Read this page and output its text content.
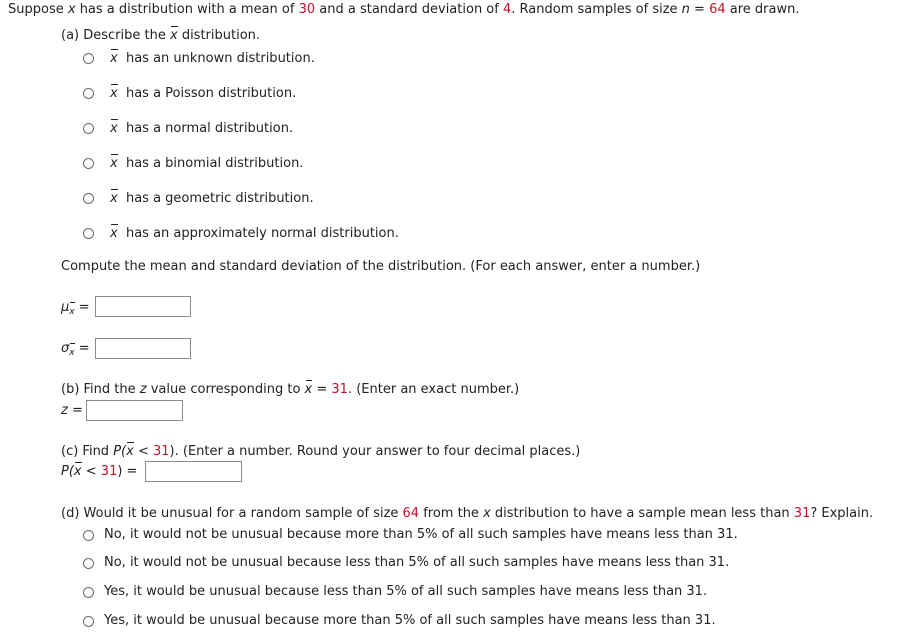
Suppose x has a distribution with a mean of 30 and a standard deviation of 4. Random samples of size n = 64 are drawn.
(a) Describe the x distribution.
x has an unknown distribution.
x has a Poisson distribution.
x has a normal distribution.
x has a binomial distribution.
x has a geometric distribution.
x has an approximately normal distribution.
Compute the mean and standard deviation of the distribution. (For each answer, enter a number.)
μx =
σx =
(b) Find the z value corresponding to x = 31. (Enter an exact number.)
z =
(c) Find P(x < 31). (Enter a number. Round your answer to four decimal places.)
P(x < 31) =
(d) Would it be unusual for a random sample of size 64 from the x distribution to have a sample mean less than 31? Explain.
No, it would not be unusual because more than 5% of all such samples have means less than 31.
No, it would not be unusual because less than 5% of all such samples have means less than 31.
Yes, it would be unusual because less than 5% of all such samples have means less than 31.
Yes, it would be unusual because more than 5% of all such samples have means less than 31.
